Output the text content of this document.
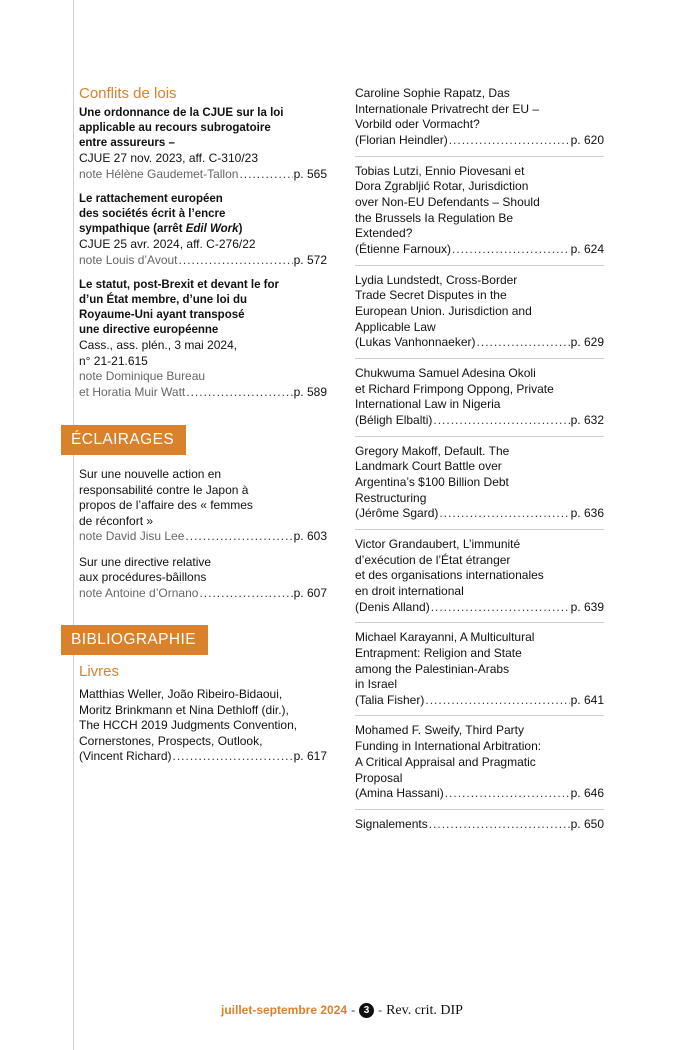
Conflits de lois
Une ordonnance de la CJUE sur la loi
applicable au recours subrogatoire
entre assureurs –
CJUE 27 nov. 2023, aff. C-310/23
note Hélène Gaudemet-Tallon .....	p. 565
Le rattachement européen
des sociétés écrit à l’encre
sympathique (arrêt Edil Work)
CJUE 25 avr. 2024, aff. C-276/22
note Louis d’Avout .....	p. 572
Le statut, post-Brexit et devant le for
d’un État membre, d’une loi du
Royaume-Uni ayant transposé
une directive européenne
Cass., ass. plén., 3 mai 2024,
n° 21-21.615
note Dominique Bureau
et Horatia Muir Watt .....	p. 589
ÉCLAIRAGES
Sur une nouvelle action en
responsabilité contre le Japon à
propos de l’affaire des « femmes
de réconfort »
note David Jisu Lee .....	p. 603
Sur une directive relative
aux procédures-bâillons
note Antoine d’Ornano .....	p. 607
BIBLIOGRAPHIE
Livres
Matthias Weller, João Ribeiro-Bidaoui,
Moritz Brinkmann et Nina Dethloff (dir.),
The HCCH 2019 Judgments Convention,
Cornerstones, Prospects, Outlook,
(Vincent Richard) .....	p. 617
Caroline Sophie Rapatz, Das
Internationale Privatrecht der EU –
Vorbild oder Vormacht?
(Florian Heindler) .....	p. 620
Tobias Lutzi, Ennio Piovesani et
Dora Zgrabljić Rotar, Jurisdiction
over Non-EU Defendants – Should
the Brussels Ia Regulation Be
Extended?
(Étienne Farnoux) .....	p. 624
Lydia Lundstedt, Cross-Border
Trade Secret Disputes in the
European Union. Jurisdiction and
Applicable Law
(Lukas Vanhonnaeker) .....	p. 629
Chukwuma Samuel Adesina Okoli
et Richard Frimpong Oppong, Private
International Law in Nigeria
(Béligh Elbalti) .....	p. 632
Gregory Makoff, Default. The
Landmark Court Battle over
Argentina’s $100 Billion Debt
Restructuring
(Jérôme Sgard) .....	p. 636
Victor Grandaubert, L’immunité
d’exécution de l’État étranger
et des organisations internationales
en droit international
(Denis Alland) .....	p. 639
Michael Karayanni, A Multicultural
Entrapment: Religion and State
among the Palestinian-Arabs
in Israel
(Talia Fisher) .....	p. 641
Mohamed F. Sweify, Third Party
Funding in International Arbitration:
A Critical Appraisal and Pragmatic
Proposal
(Amina Hassani) .....	p. 646
Signalements .....	p. 650
juillet-septembre 2024 - 3 - Rev. crit. DIP
